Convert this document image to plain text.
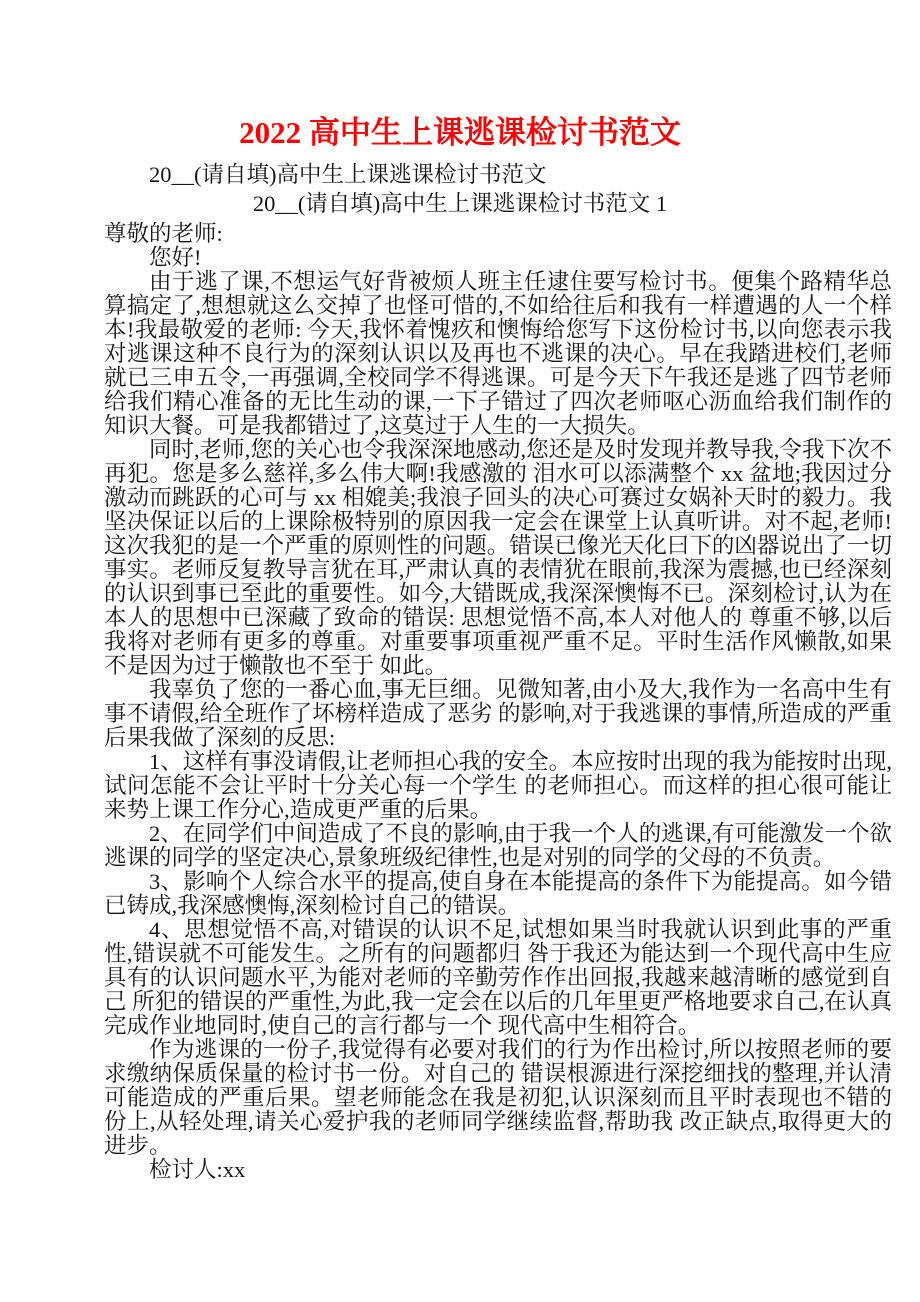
2022 高中生上课逃课检讨书范文
20__(请自填)高中生上课逃课检讨书范文
20__(请自填)高中生上课逃课检讨书范文 1

尊敬的老师:

您好!

由于逃了课,不想运气好背被烦人班主任逮住要写检讨书。便集个路精华总算搞定了,想想就这么交掉了也怪可惜的,不如给往后和我有一样遭遇的人一个样本!我最敬爱的老师: 今天,我怀着愧疚和懊悔给您写下这份检讨书,以向您表示我对逃课这种不良行为的深刻认识以及再也不逃课的决心。早在我踏进校们,老师就已三申五令,一再强调,全校同学不得逃课。可是今天下午我还是逃了四节老师给我们精心准备的无比生动的课,一下子错过了四次老师呕心沥血给我们制作的知识大餐。可是我都错过了,这莫过于人生的一大损失。

同时,老师,您的关心也令我深深地感动,您还是及时发现并教导我,令我下次不再犯。您是多么慈祥,多么伟大啊!我感激的 泪水可以添满整个 xx 盆地;我因过分激动而跳跃的心可与 xx 相媲美;我浪子回头的决心可赛过女娲补天时的毅力。我坚决保证以后的上课除极特别的原因我一定会在课堂上认真听讲。对不起,老师!这次我犯的是一个严重的原则性的问题。错误已像光天化曰下的凶器说出了一切事实。老师反复教导言犹在耳,严肃认真的表情犹在眼前,我深为震撼,也已经深刻的认识到事已至此的重要性。如今,大错既成,我深深懊悔不已。深刻检讨,认为在本人的思想中已深藏了致命的错误: 思想觉悟不高,本人对他人的 尊重不够,以后我将对老师有更多的尊重。对重要事项重视严重不足。平时生活作风懒散,如果不是因为过于懒散也不至于 如此。

我辜负了您的一番心血,事无巨细。见微知著,由小及大,我作为一名高中生有事不请假,给全班作了坏榜样造成了恶劣 的影响,对于我逃课的事情,所造成的严重后果我做了深刻的反思:

1、这样有事没请假,让老师担心我的安全。本应按时出现的我为能按时出现,试问怎能不会让平时十分关心每一个学生 的老师担心。而这样的担心很可能让来势上课工作分心,造成更严重的后果。

2、在同学们中间造成了不良的影响,由于我一个人的逃课,有可能激发一个欲逃课的同学的坚定决心,景象班级纪律性,也是对别的同学的父母的不负责。

3、影响个人综合水平的提高,使自身在本能提高的条件下为能提高。如今错已铸成,我深感懊悔,深刻检讨自己的错误。

4、思想觉悟不高,对错误的认识不足,试想如果当时我就认识到此事的严重性,错误就不可能发生。之所有的问题都归 咎于我还为能达到一个现代高中生应具有的认识问题水平,为能对老师的辛勤劳作作出回报,我越来越清晰的感觉到自己 所犯的错误的严重性,为此,我一定会在以后的几年里更严格地要求自己,在认真完成作业地同时,使自己的言行都与一个 现代高中生相符合。

作为逃课的一份子,我觉得有必要对我们的行为作出检讨,所以按照老师的要求缴纳保质保量的检讨书一份。对自己的 错误根源进行深挖细找的整理,并认清可能造成的严重后果。望老师能念在我是初犯,认识深刻而且平时表现也不错的份上,从轻处理,请关心爱护我的老师同学继续监督,帮助我 改正缺点,取得更大的进步。

检讨人:xx
